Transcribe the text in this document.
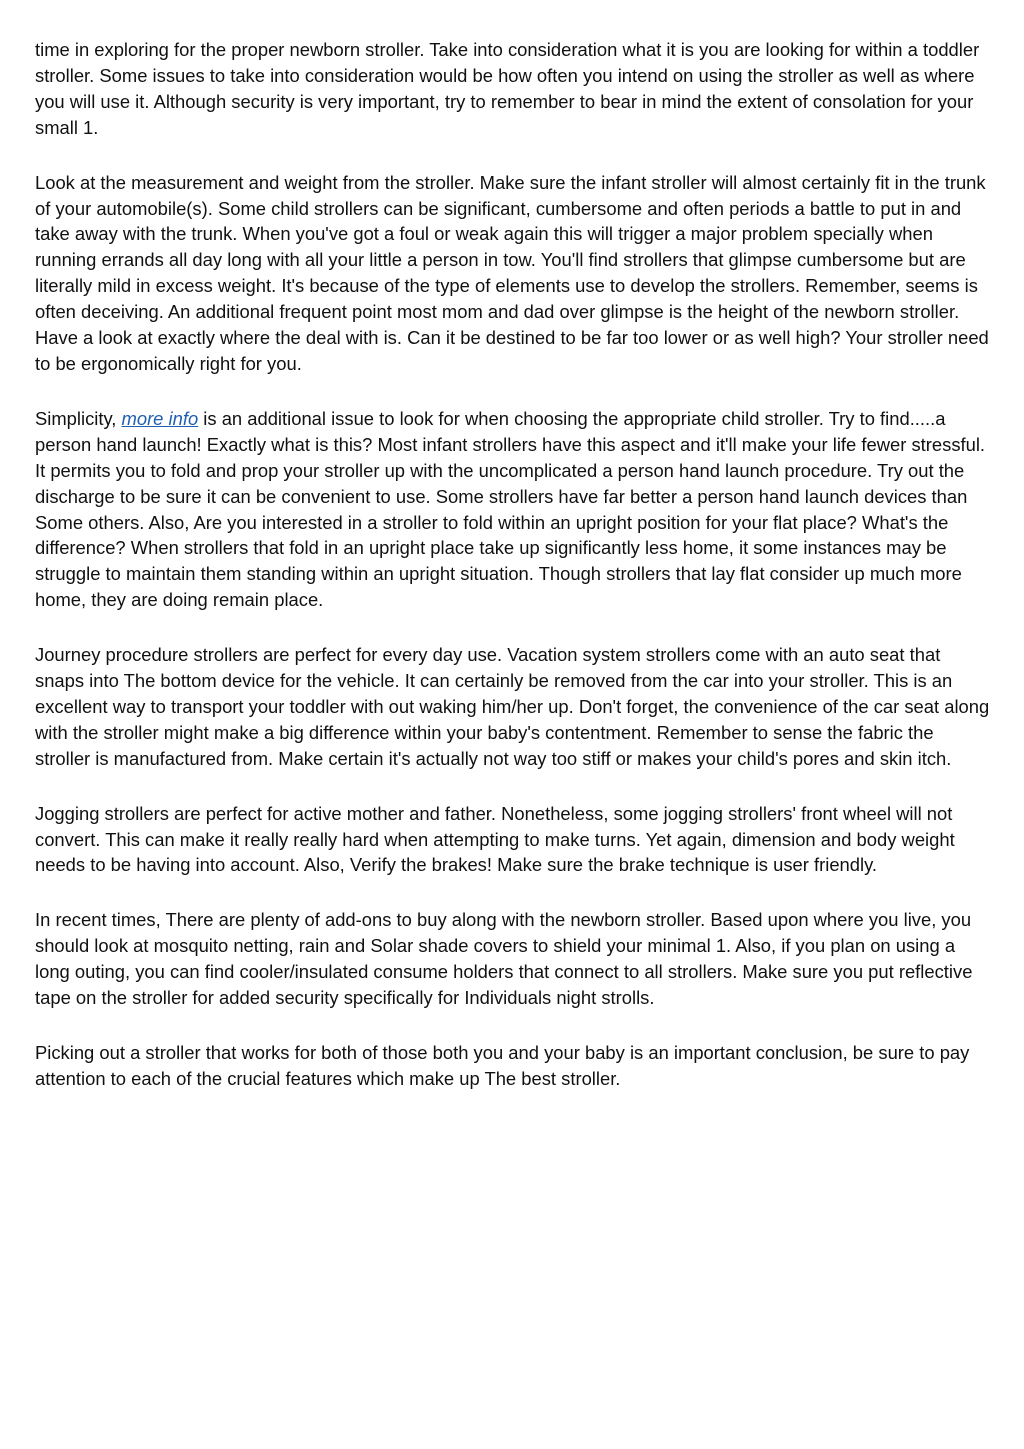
time in exploring for the proper newborn stroller. Take into consideration what it is you are looking for within a toddler stroller. Some issues to take into consideration would be how often you intend on using the stroller as well as where you will use it. Although security is very important, try to remember to bear in mind the extent of consolation for your small 1.

Look at the measurement and weight from the stroller. Make sure the infant stroller will almost certainly fit in the trunk of your automobile(s). Some child strollers can be significant, cumbersome and often periods a battle to put in and take away with the trunk. When you've got a foul or weak again this will trigger a major problem specially when running errands all day long with all your little a person in tow. You'll find strollers that glimpse cumbersome but are literally mild in excess weight. It's because of the type of elements use to develop the strollers. Remember, seems is often deceiving. An additional frequent point most mom and dad over glimpse is the height of the newborn stroller. Have a look at exactly where the deal with is. Can it be destined to be far too lower or as well high? Your stroller need to be ergonomically right for you.

Simplicity, more info is an additional issue to look for when choosing the appropriate child stroller. Try to find.....a person hand launch! Exactly what is this? Most infant strollers have this aspect and it'll make your life fewer stressful. It permits you to fold and prop your stroller up with the uncomplicated a person hand launch procedure. Try out the discharge to be sure it can be convenient to use. Some strollers have far better a person hand launch devices than Some others. Also, Are you interested in a stroller to fold within an upright position for your flat place? What's the difference? When strollers that fold in an upright place take up significantly less home, it some instances may be struggle to maintain them standing within an upright situation. Though strollers that lay flat consider up much more home, they are doing remain place.

Journey procedure strollers are perfect for every day use. Vacation system strollers come with an auto seat that snaps into The bottom device for the vehicle. It can certainly be removed from the car into your stroller. This is an excellent way to transport your toddler with out waking him/her up. Don't forget, the convenience of the car seat along with the stroller might make a big difference within your baby's contentment. Remember to sense the fabric the stroller is manufactured from. Make certain it's actually not way too stiff or makes your child's pores and skin itch.

Jogging strollers are perfect for active mother and father. Nonetheless, some jogging strollers' front wheel will not convert. This can make it really really hard when attempting to make turns. Yet again, dimension and body weight needs to be having into account. Also, Verify the brakes! Make sure the brake technique is user friendly.

In recent times, There are plenty of add-ons to buy along with the newborn stroller. Based upon where you live, you should look at mosquito netting, rain and Solar shade covers to shield your minimal 1. Also, if you plan on using a long outing, you can find cooler/insulated consume holders that connect to all strollers. Make sure you put reflective tape on the stroller for added security specifically for Individuals night strolls.

Picking out a stroller that works for both of those both you and your baby is an important conclusion, be sure to pay attention to each of the crucial features which make up The best stroller.
